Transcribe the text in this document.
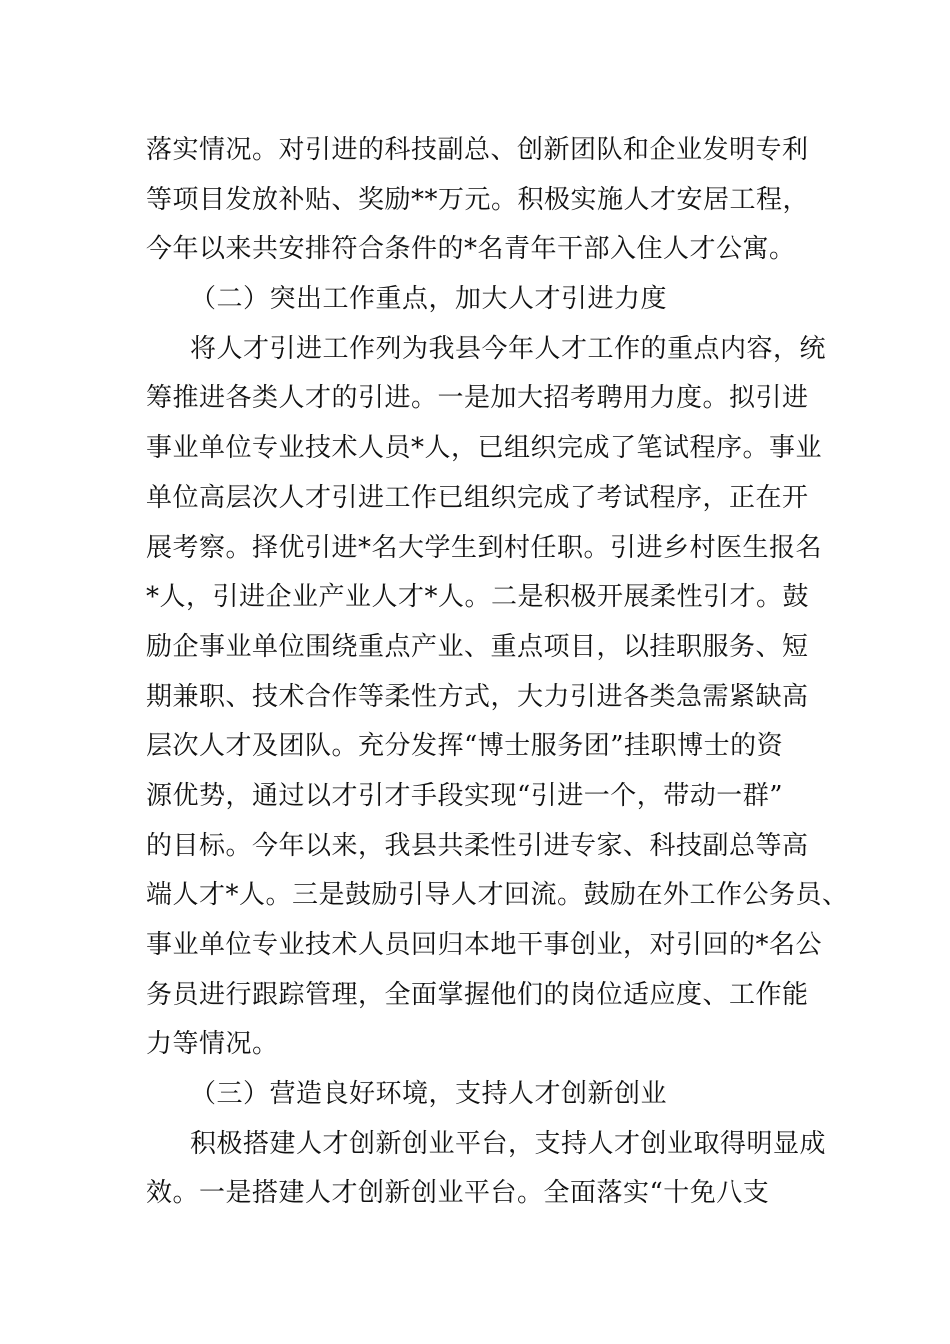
落实情况。对引进的科技副总、创新团队和企业发明专利
等项目发放补贴、奖励**万元。积极实施人才安居工程，
今年以来共安排符合条件的*名青年干部入住人才公寓。
（二）突出工作重点，加大人才引进力度
将人才引进工作列为我县今年人才工作的重点内容，统
筹推进各类人才的引进。一是加大招考聘用力度。拟引进
事业单位专业技术人员*人，已组织完成了笔试程序。事业
单位高层次人才引进工作已组织完成了考试程序，正在开
展考察。择优引进*名大学生到村任职。引进乡村医生报名
*人，引进企业产业人才*人。二是积极开展柔性引才。鼓
励企事业单位围绕重点产业、重点项目，以挂职服务、短
期兼职、技术合作等柔性方式，大力引进各类急需紧缺高
层次人才及团队。充分发挥“博士服务团”挂职博士的资
源优势，通过以才引才手段实现“引进一个，带动一群”
的目标。今年以来，我县共柔性引进专家、科技副总等高
端人才*人。三是鼓励引导人才回流。鼓励在外工作公务员、
事业单位专业技术人员回归本地干事创业，对引回的*名公
务员进行跟踪管理，全面掌握他们的岗位适应度、工作能
力等情况。
（三）营造良好环境，支持人才创新创业
积极搭建人才创新创业平台，支持人才创业取得明显成
效。一是搭建人才创新创业平台。全面落实“十免八支
